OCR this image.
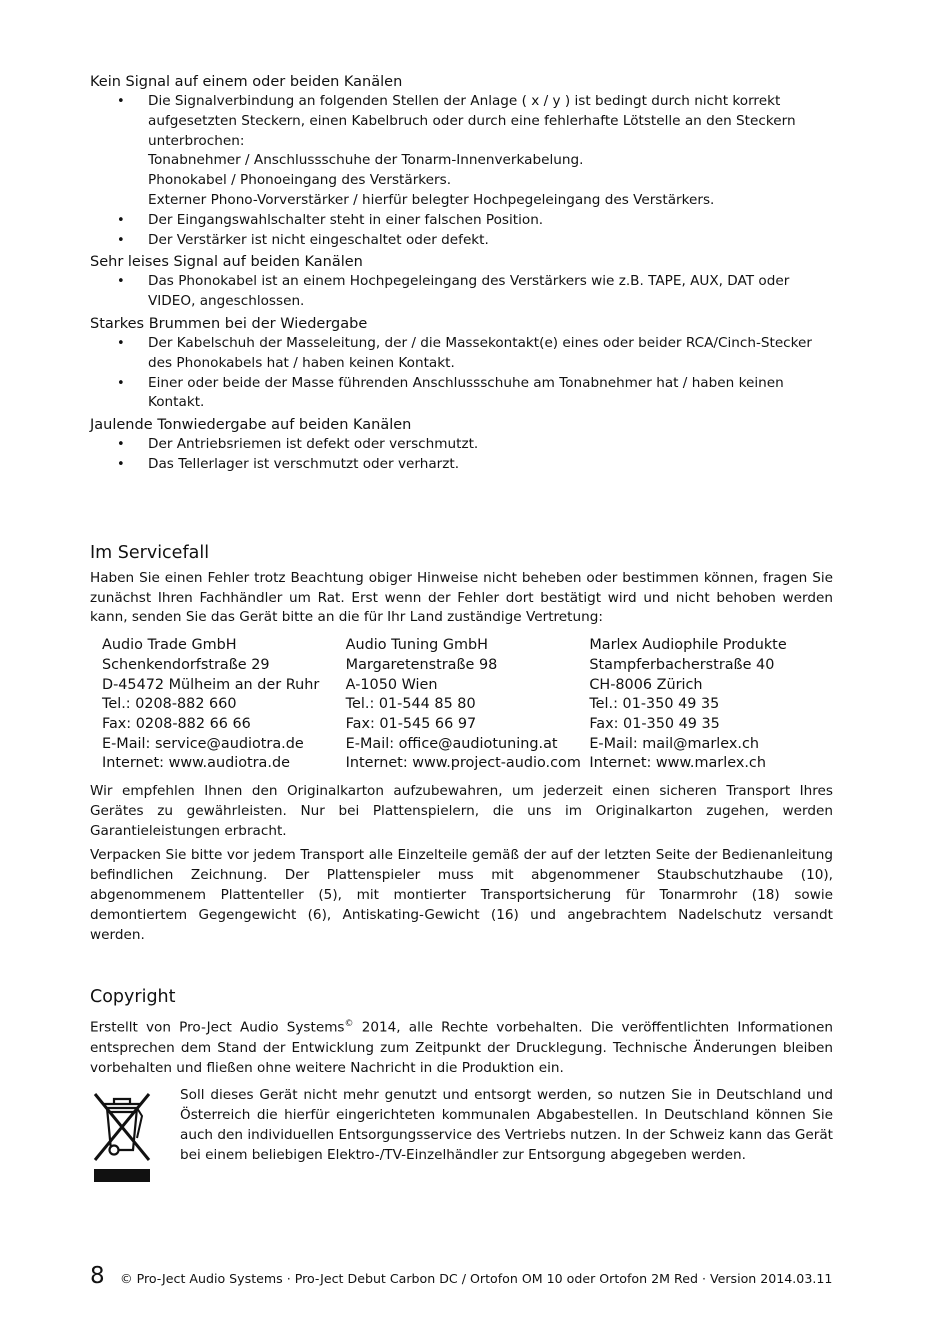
Kein Signal auf einem oder beiden Kanälen
• Die Signalverbindung an folgenden Stellen der Anlage ( x / y ) ist bedingt durch nicht korrekt aufgesetzten Steckern, einen Kabelbruch oder durch eine fehlerhafte Lötstelle an den Steckern unterbrochen:
Tonabnehmer / Anschlussschuhe der Tonarm-Innenverkabelung.
Phonokabel / Phonoeingang des Verstärkers.
Externer Phono-Vorverstärker / hierfür belegter Hochpegeleingang des Verstärkers.
• Der Eingangswahlschalter steht in einer falschen Position.
• Der Verstärker ist nicht eingeschaltet oder defekt.
Sehr leises Signal auf beiden Kanälen
• Das Phonokabel ist an einem Hochpegeleingang des Verstärkers wie z.B. TAPE, AUX, DAT oder VIDEO, angeschlossen.
Starkes Brummen bei der Wiedergabe
• Der Kabelschuh der Masseleitung, der / die Massekontakt(e) eines oder beider RCA/Cinch-Stecker des Phonokabels hat / haben keinen Kontakt.
• Einer oder beide der Masse führenden Anschlussschuhe am Tonabnehmer hat / haben keinen Kontakt.
Jaulende Tonwiedergabe auf beiden Kanälen
• Der Antriebsriemen ist defekt oder verschmutzt.
• Das Tellerlager ist verschmutzt oder verharzt.
Im Servicefall

Haben Sie einen Fehler trotz Beachtung obiger Hinweise nicht beheben oder bestimmen können, fragen Sie zunächst Ihren Fachhändler um Rat. Erst wenn der Fehler dort bestätigt wird und nicht behoben werden kann, senden Sie das Gerät bitte an die für Ihr Land zuständige Vertretung:

Audio Trade GmbH
Schenkendorfstraße 29
D-45472 Mülheim an der Ruhr
Tel.: 0208-882 660
Fax: 0208-882 66 66
E-Mail: service@audiotra.de
Internet: www.audiotra.de
Audio Tuning GmbH
Margaretenstraße 98
A-1050 Wien
Tel.: 01-544 85 80
Fax: 01-545 66 97
E-Mail: office@audiotuning.at
Internet: www.project-audio.com
Marlex Audiophile Produkte
Stampferbacherstraße 40
CH-8006 Zürich
Tel.: 01-350 49 35
Fax: 01-350 49 35
E-Mail: mail@marlex.ch
Internet: www.marlex.ch

Wir empfehlen Ihnen den Originalkarton aufzubewahren, um jederzeit einen sicheren Transport Ihres Gerätes zu gewährleisten. Nur bei Plattenspielern, die uns im Originalkarton zugehen, werden Garantieleistungen erbracht.

Verpacken Sie bitte vor jedem Transport alle Einzelteile gemäß der auf der letzten Seite der Bedienanleitung befindlichen Zeichnung. Der Plattenspieler muss mit abgenommener Staubschutzhaube (10), abgenommenem Plattenteller (5), mit montierter Transportsicherung für Tonarmrohr (18) sowie demontiertem Gegengewicht (6), Antiskating-Gewicht (16) und angebrachtem Nadelschutz versandt werden.

Copyright

Erstellt von Pro-Ject Audio Systems© 2014, alle Rechte vorbehalten. Die veröffentlichten Informationen entsprechen dem Stand der Entwicklung zum Zeitpunkt der Drucklegung. Technische Änderungen bleiben vorbehalten und fließen ohne weitere Nachricht in die Produktion ein.

Soll dieses Gerät nicht mehr genutzt und entsorgt werden, so nutzen Sie in Deutschland und Österreich die hierfür eingerichteten kommunalen Abgabestellen. In Deutschland können Sie auch den individuellen Entsorgungsservice des Vertriebs nutzen. In der Schweiz kann das Gerät bei einem beliebigen Elektro-/TV-Einzelhändler zur Entsorgung abgegeben werden.

8	© Pro-Ject Audio Systems · Pro-Ject Debut Carbon DC / Ortofon OM 10 oder Ortofon 2M Red · Version 2014.03.11
